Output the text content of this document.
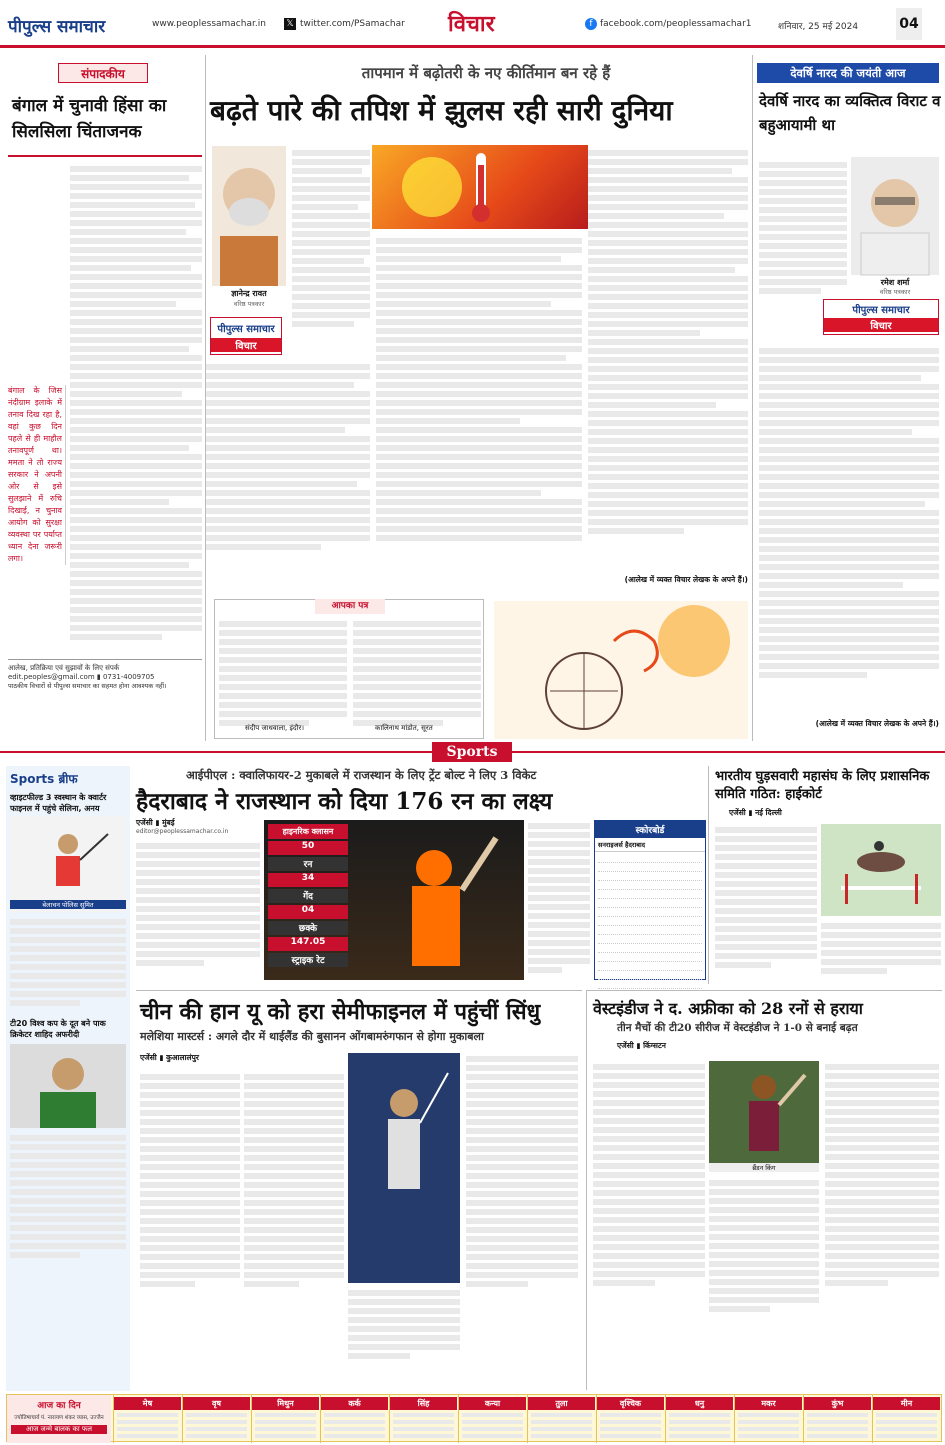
पीपुल्स समाचार	www.peoplessamachar.in 𝕏 twitter.com/PSamachar विचार	f facebook.com/peoplessamachar1	शनिवार, 25 मई 2024	04
संपादकीय
बंगाल में चुनावी हिंसा का सिलसिला चिंताजनक
बंगाल के जिस नंदीग्राम इलाके में तनाव दिख रहा है, वहां कुछ दिन पहले से ही माहौल तनावपूर्ण था। ममता ने तो राज्य सरकार ने अपनी ओर से इसे सुलझाने में रुचि दिखाई, न चुनाव आयोग को सुरक्षा व्यवस्था पर पर्याप्त ध्यान देना जरूरी लगा।
आलेख, प्रतिक्रिया एवं सुझावों के लिए संपर्क
edit.peoples@gmail.com ▮ 0731-4009705
पाठकीय विचारों से पीपुल्स समाचार का सहमत होना आवश्यक नहीं।
तापमान में बढ़ोतरी के नए कीर्तिमान बन रहे हैं
बढ़ते पारे की तपिश में झुलस रही सारी दुनिया
ज्ञानेन्द्र रावत
वरिष्ठ पत्रकार
पीपुल्स समाचार
विचार
(आलेख में व्यक्त विचार लेखक के अपने हैं।)
आपका पत्र
संदीप जाधवाला, इंदौर।	कालिनाथ मांडोत, सूरत
देवर्षि नारद की जयंती आज
देवर्षि नारद का व्यक्तित्व विराट व बहुआयामी था
रमेश शर्मा
वरिष्ठ पत्रकार
पीपुल्स समाचार
विचार
(आलेख में व्यक्त विचार लेखक के अपने हैं।)
Sports
Sports ब्रीफ
व्हाइटफील्ड 3 स्वस्थान के क्वार्टर फाइनल में पहुंचे सेलिना, अनय
बेलाचन पोलिस सुमित
टी20 विश्व कप के दूत बने पाक क्रिकेटर शाहिद अफरीदी
आईपीएल : क्वालिफायर-2 मुकाबले में राजस्थान के लिए ट्रेंट बोल्ट ने लिए 3 विकेट
हैदराबाद ने राजस्थान को दिया 176 रन का लक्ष्य
एजेंसी ▮ मुंबई
editor@peoplessamachar.co.in	हाइनरिक क्लासन
50
रन
34
गेंद
04
छक्के
147.05
स्ट्राइक रेट
स्कोरबोर्ड
सनराइजर्स हैदराबाद

भारतीय घुड़सवारी महासंघ के लिए प्रशासनिक समिति गठित: हाईकोर्ट
एजेंसी ▮ नई दिल्ली
चीन की हान यू को हरा सेमीफाइनल में पहुंचीं सिंधु
मलेशिया मास्टर्स : अगले दौर में थाईलैंड की बुसानन ओंगबामरुंगफान से होगा मुकाबला
एजेंसी ▮ कुआलालंपुर
वेस्टइंडीज ने द. अफ्रीका को 28 रनों से हराया
तीन मैचों की टी20 सीरीज में वेस्टइंडीज ने 1-0 से बनाई बढ़त
एजेंसी ▮ किंग्सटन
ब्रैंडन किंग
आज का दिन
ज्योतिषाचार्य पं. नारायण शंकर व्यास, उज्जैन
आज जन्मे बालक का फल
मेष	वृष	मिथुन	कर्क	सिंह	कन्या	तुला	वृश्चिक	धनु	मकर	कुंभ	मीन
